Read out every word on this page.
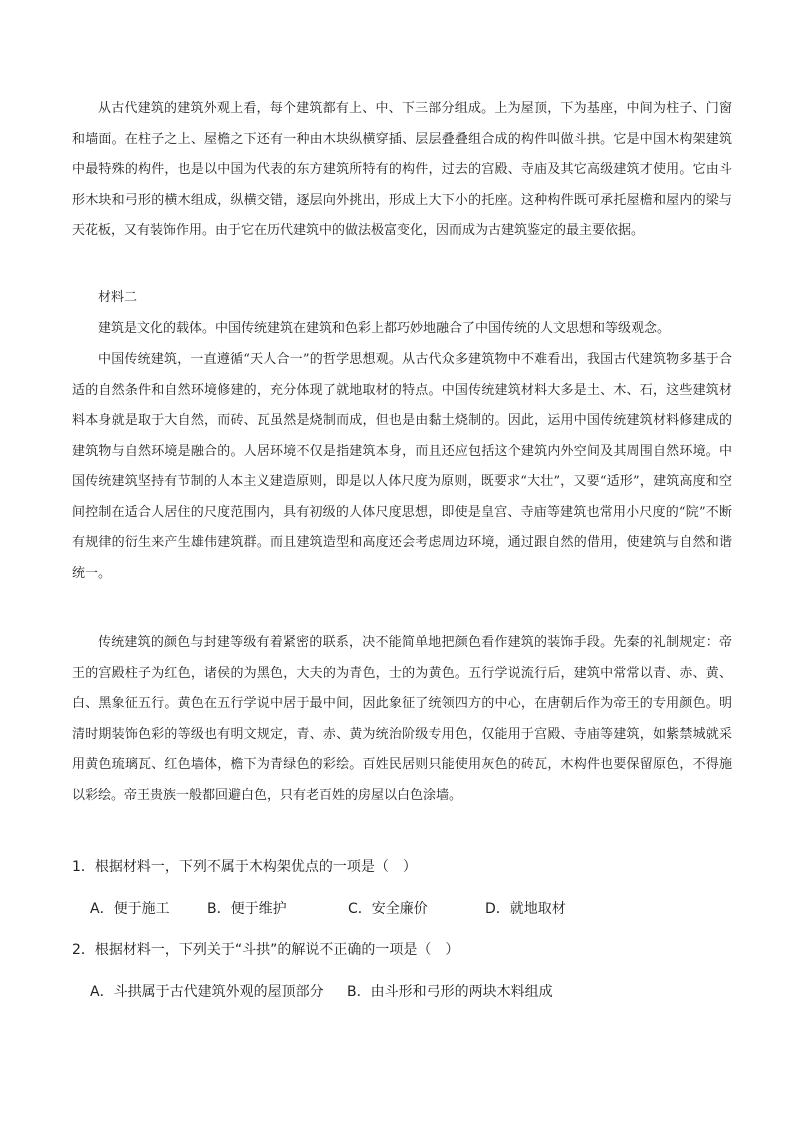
从古代建筑的建筑外观上看，每个建筑都有上、中、下三部分组成。上为屋顶，下为基座，中间为柱子、门窗和墙面。在柱子之上、屋檐之下还有一种由木块纵横穿插、层层叠叠组合成的构件叫做斗拱。它是中国木构架建筑中最特殊的构件，也是以中国为代表的东方建筑所特有的构件，过去的宫殿、寺庙及其它高级建筑才使用。它由斗形木块和弓形的横木组成，纵横交错，逐层向外挑出，形成上大下小的托座。这种构件既可承托屋檐和屋内的梁与天花板，又有装饰作用。由于它在历代建筑中的做法极富变化，因而成为古建筑鉴定的最主要依据。

材料二

建筑是文化的载体。中国传统建筑在建筑和色彩上都巧妙地融合了中国传统的人文思想和等级观念。

中国传统建筑，一直遵循“天人合一”的哲学思想观。从古代众多建筑物中不难看出，我国古代建筑物多基于合适的自然条件和自然环境修建的，充分体现了就地取材的特点。中国传统建筑材料大多是土、木、石，这些建筑材料本身就是取于大自然，而砖、瓦虽然是烧制而成，但也是由黏土烧制的。因此，运用中国传统建筑材料修建成的建筑物与自然环境是融合的。人居环境不仅是指建筑本身，而且还应包括这个建筑内外空间及其周围自然环境。中国传统建筑坚持有节制的人本主义建造原则，即是以人体尺度为原则，既要求“大壮”，又要“适形”，建筑高度和空间控制在适合人居住的尺度范围内，具有初级的人体尺度思想，即使是皇宫、寺庙等建筑也常用小尺度的“院”不断有规律的衍生来产生雄伟建筑群。而且建筑造型和高度还会考虑周边环境，通过跟自然的借用，使建筑与自然和谐统一。

传统建筑的颜色与封建等级有着紧密的联系，决不能简单地把颜色看作建筑的装饰手段。先秦的礼制规定：帝王的宫殿柱子为红色，诸侯的为黑色，大夫的为青色，士的为黄色。五行学说流行后，建筑中常常以青、赤、黄、白、黑象征五行。黄色在五行学说中居于最中间，因此象征了统领四方的中心，在唐朝后作为帝王的专用颜色。明清时期装饰色彩的等级也有明文规定，青、赤、黄为统治阶级专用色，仅能用于宫殿、寺庙等建筑，如紫禁城就采用黄色琉璃瓦、红色墙体，檐下为青绿色的彩绘。百姓民居则只能使用灰色的砖瓦，木构件也要保留原色，不得施以彩绘。帝王贵族一般都回避白色，只有老百姓的房屋以白色涂墙。

1．根据材料一，下列不属于木构架优点的一项是（　）

A．便于施工	B．便于维护	C．安全廉价	D．就地取材

2．根据材料一，下列关于“斗拱”的解说不正确的一项是（　）

A．斗拱属于古代建筑外观的屋顶部分	B．由斗形和弓形的两块木料组成
